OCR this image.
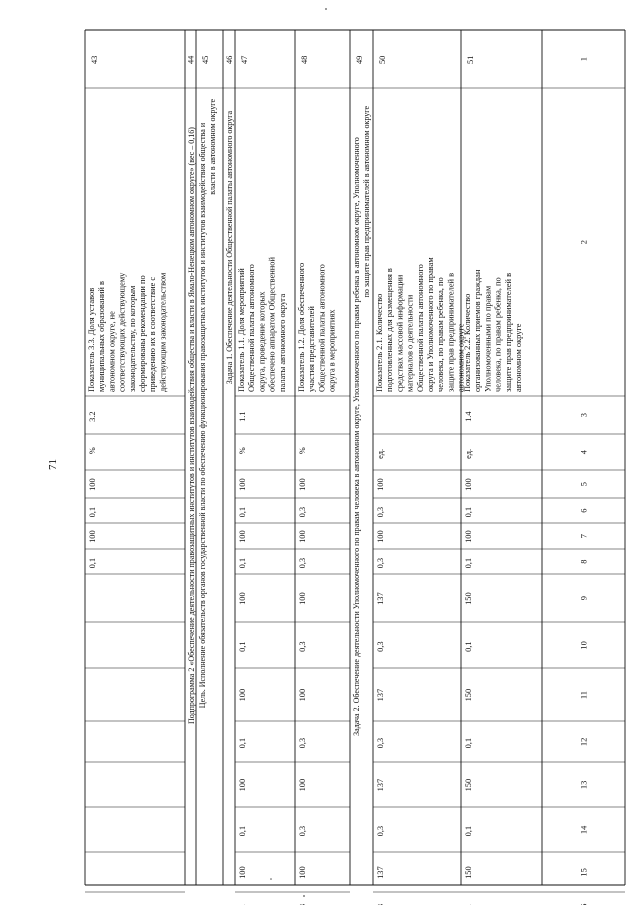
1
2
3
4
5
6
7
8
9
10
11
12
13
14
15
43
Показатель 3.3. Доля уставов муниципальных образований в автономном округе, не соответствующих действующему законодательству, по которым сформированы рекомендации по приведению их в соответствие с действующим законодательством
3.2
%
100
0,1
100
0,1
44
Подпрограмма 2 «Обеспечение деятельности правозащитных институтов и институтов взаимодействия общества и власти в Ямало-Ненецком автономном округе» (вес – 0,16)
45
Цель. Исполнение обязательств органов государственной власти по обеспечению функционирования правозащитных институтов и институтов взаимодействия общества и власти в автономном округе
46
Задача 1. Обеспечение деятельности Общественной палаты автономного округа
47
Показатель 1.1. Доля мероприятий Общественной палаты автономного округа, проведение которых обеспечено аппаратом Общественной палаты автономного округа
1.1
%
100
0,1
100
0,1
100
0,1
100
0,1
100
0,1
100
48
Показатель 1.2. Доля обеспеченного участия представителей Общественной палаты автономного округа в мероприятиях
%
100
0,3
100
0,3
100
0,3
100
0,3
100
0,3
100
49
Задача 2. Обеспечение деятельности Уполномоченного по правам человека в автономном округе, Уполномоченного по правам ребенка в автономном округе, Уполномоченного по защите прав предпринимателей в автономном округе
50
Показатель 2.1. Количество подготовленных для размещения в средствах массовой информации материалов о деятельности Общественной палаты автономного округа и Уполномоченного по правам человека, по правам ребенка, по защите прав предпринимателей в автономном округе
ед.
100
0,3
100
0,3
137
0,3
137
0,3
137
0,3
137
51
Показатель 2.2. Количество организованных приемов граждан Уполномоченными по правам человека, по правам ребенка, по защите прав предпринимателей в автономном округе
1.4
ед.
100
0,1
100
0,1
150
0,1
150
0,1
150
0,1
150
71
